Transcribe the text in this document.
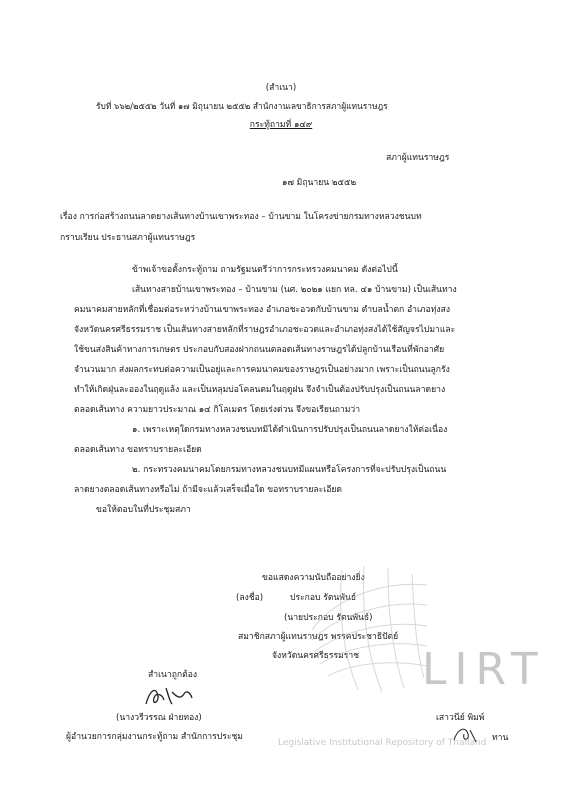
(สำเนา)
รับที่ ๖๖๒/๒๕๕๒ วันที่ ๑๗ มิถุนายน ๒๕๕๒ สำนักงานเลขาธิการสภาผู้แทนราษฎร
กระทู้ถามที่ ๑๔๙
สภาผู้แทนราษฎร
๑๗ มิถุนายน ๒๕๕๒
เรื่อง การก่อสร้างถนนลาดยางเส้นทางบ้านเขาพระทอง – บ้านขาม ในโครงข่ายกรมทางหลวงชนบท
กราบเรียน ประธานสภาผู้แทนราษฎร
ข้าพเจ้าขอตั้งกระทู้ถาม ถามรัฐมนตรีว่าการกระทรวงคมนาคม ดังต่อไปนี้
เส้นทางสายบ้านเขาพระทอง – บ้านขาม (นศ. ๒๐๒๑ แยก ทล. ๔๑ บ้านขาม) เป็นเส้นทาง
คมนาคมสายหลักที่เชื่อมต่อระหว่างบ้านเขาพระทอง อำเภอชะอวดกับบ้านขาม ตำบลน้ำตก อำเภอทุ่งสง
จังหวัดนครศรีธรรมราช เป็นเส้นทางสายหลักที่ราษฎรอำเภอชะอวดและอำเภอทุ่งสงได้ใช้สัญจรไปมาและ
ใช้ขนส่งสินค้าทางการเกษตร ประกอบกับสองฝากถนนตลอดเส้นทางราษฎรได้ปลูกบ้านเรือนที่พักอาศัย
จำนวนมาก ส่งผลกระทบต่อความเป็นอยู่และการคมนาคมของราษฎรเป็นอย่างมาก เพราะเป็นถนนลูกรัง
ทำให้เกิดฝุ่นละอองในฤดูแล้ง และเป็นหลุมบ่อโคลนตมในฤดูฝน จึงจำเป็นต้องปรับปรุงเป็นถนนลาดยาง
ตลอดเส้นทาง ความยาวประมาณ ๑๔ กิโลเมตร โดยเร่งด่วน จึงขอเรียนถามว่า
๑. เพราะเหตุใดกรมทางหลวงชนบทมิได้ดำเนินการปรับปรุงเป็นถนนลาดยางให้ต่อเนื่อง
ตลอดเส้นทาง ขอทราบรายละเอียด
๒. กระทรวงคมนาคมโดยกรมทางหลวงชนบทมีแผนหรือโครงการที่จะปรับปรุงเป็นถนน
ลาดยางตลอดเส้นทางหรือไม่ ถ้ามีจะแล้วเสร็จเมื่อใด ขอทราบรายละเอียด
ขอให้ตอบในที่ประชุมสภา
ขอแสดงความนับถืออย่างยิ่ง
(ลงชื่อ)	ประกอบ รัตนพันธ์
(นายประกอบ รัตนพันธ์)
สมาชิกสภาผู้แทนราษฎร พรรคประชาธิปัตย์
จังหวัดนครศรีธรรมราช
สำเนาถูกต้อง
(นางวรีวรรณ ฝ่ายทอง)
ผู้อำนวยการกลุ่มงานกระทู้ถาม สำนักการประชุม
LIRT
Legislative Institutional Repository of Thailand
เสาวนีย์ พิมพ์
ทาน
